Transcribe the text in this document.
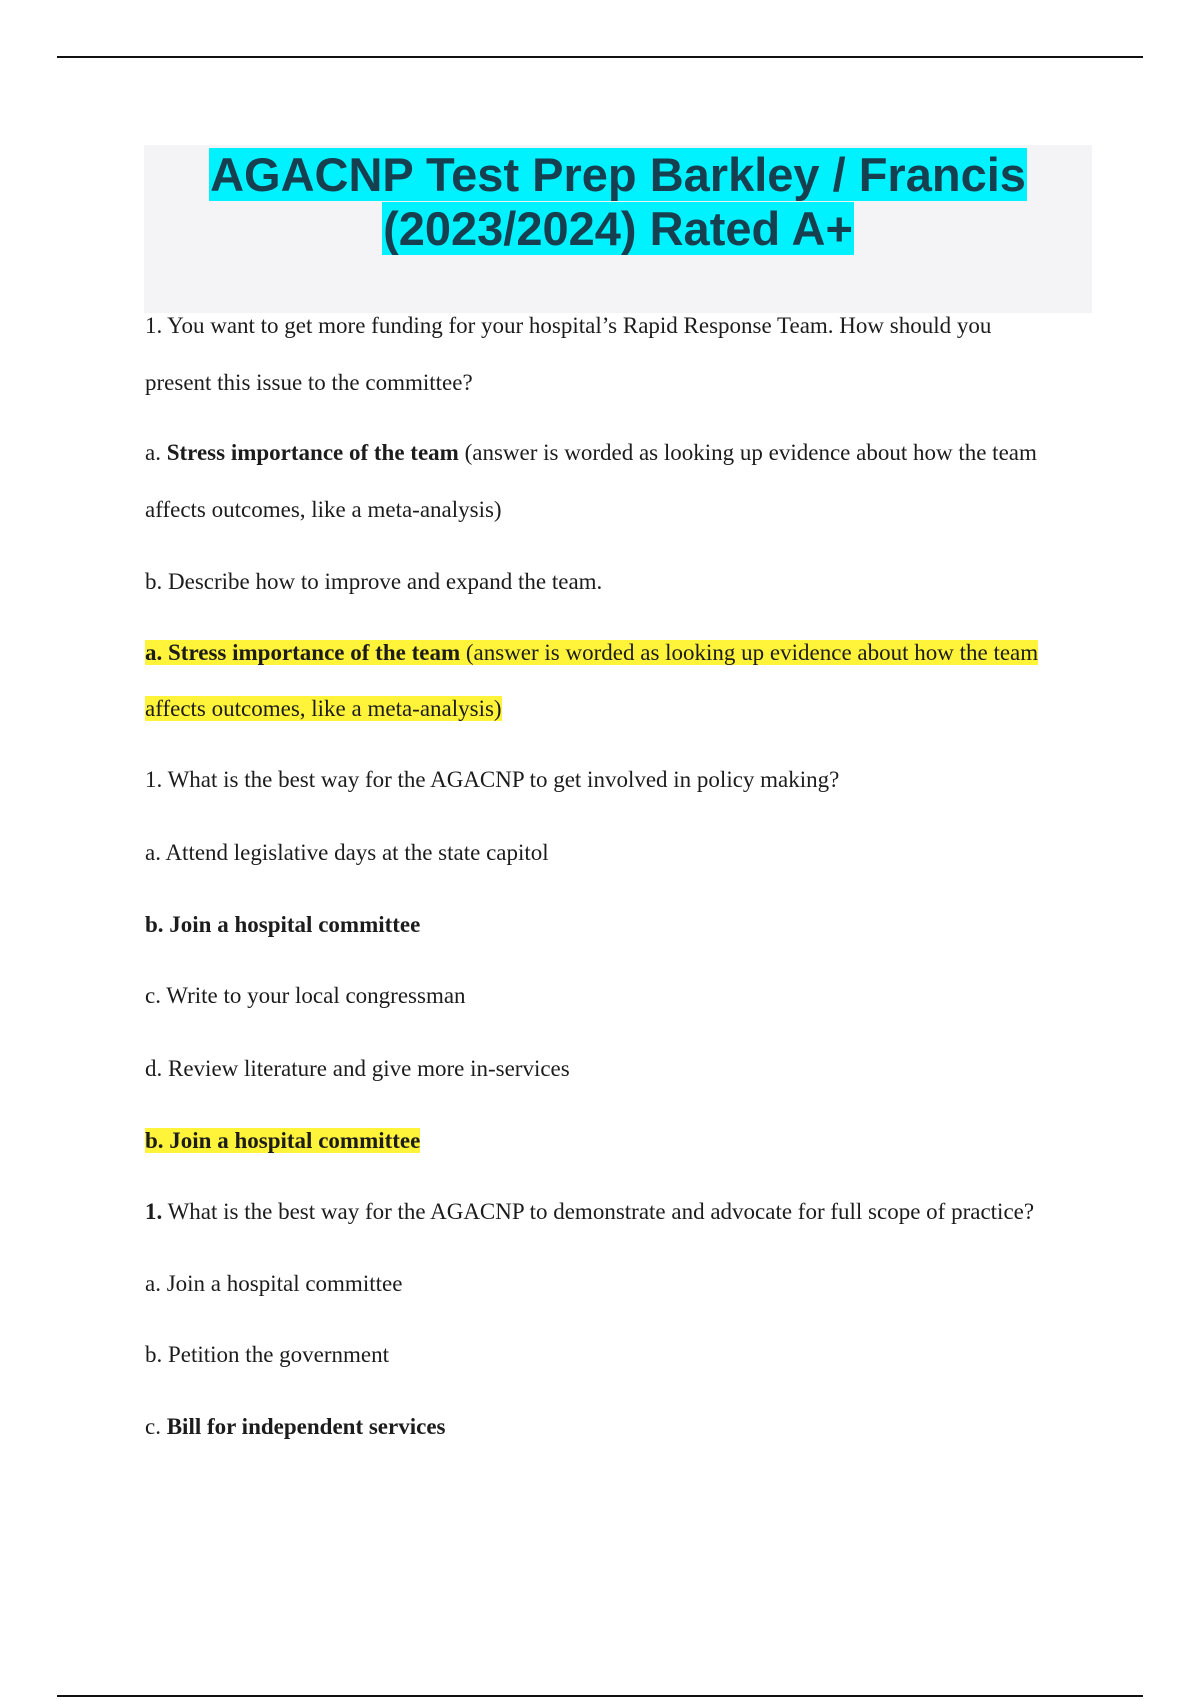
AGACNP Test Prep Barkley / Francis
(2023/2024) Rated A+

1. You want to get more funding for your hospital’s Rapid Response Team. How should you

present this issue to the committee?

a. Stress importance of the team (answer is worded as looking up evidence about how the team

affects outcomes, like a meta-analysis)

b. Describe how to improve and expand the team.

a. Stress importance of the team (answer is worded as looking up evidence about how the team

affects outcomes, like a meta-analysis)

1. What is the best way for the AGACNP to get involved in policy making?

a. Attend legislative days at the state capitol

b. Join a hospital committee

c. Write to your local congressman

d. Review literature and give more in-services

b. Join a hospital committee

1. What is the best way for the AGACNP to demonstrate and advocate for full scope of practice?

a. Join a hospital committee

b. Petition the government

c. Bill for independent services
